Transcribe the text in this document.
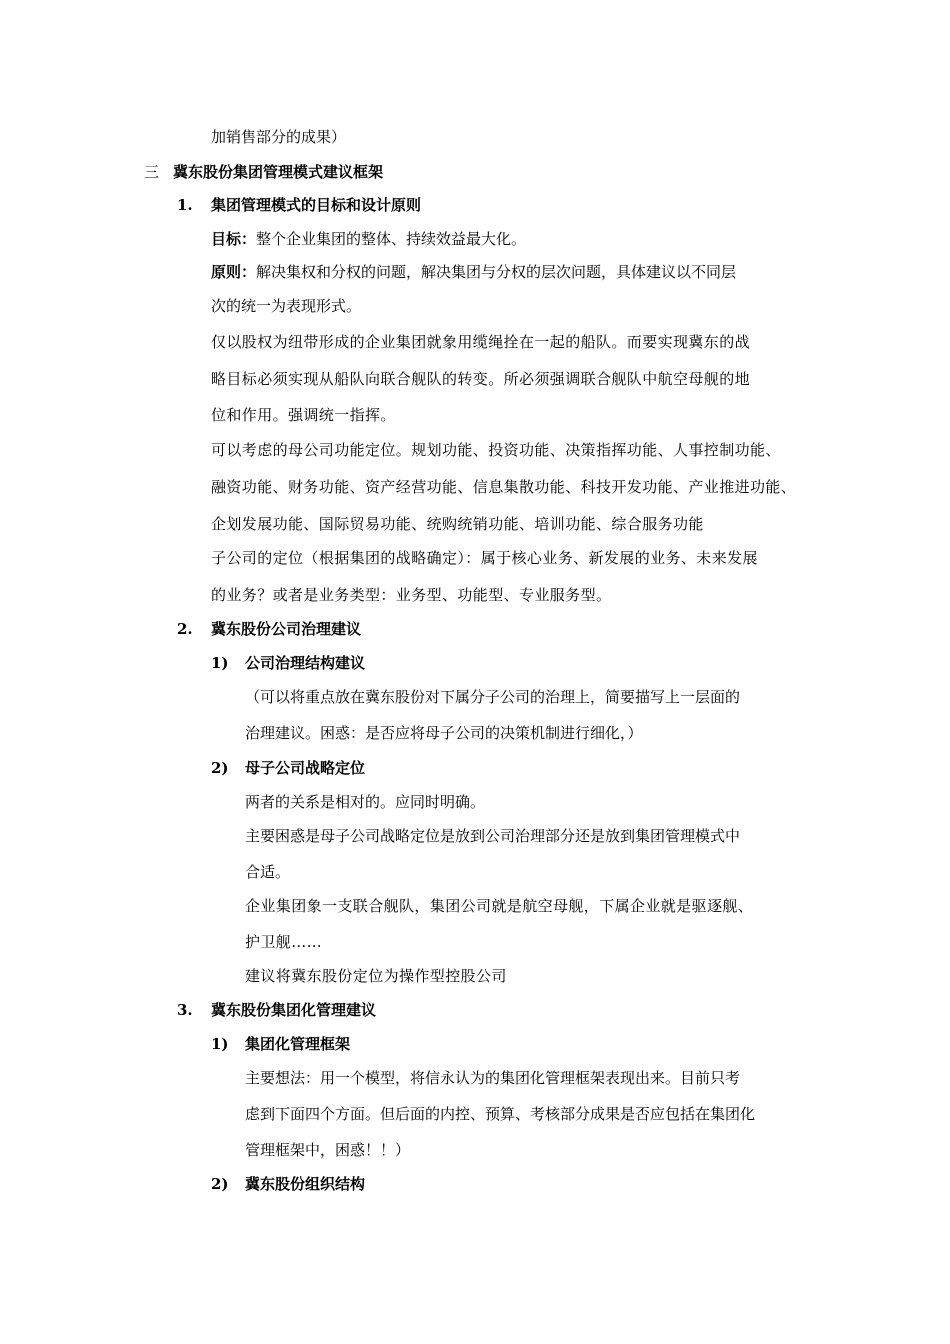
加销售部分的成果）
三 冀东股份集团管理模式建议框架
1. 集团管理模式的目标和设计原则
目标：整个企业集团的整体、持续效益最大化。
原则：解决集权和分权的问题，解决集团与分权的层次问题，具体建议以不同层
次的统一为表现形式。
仅以股权为纽带形成的企业集团就象用缆绳拴在一起的船队。而要实现冀东的战
略目标必须实现从船队向联合舰队的转变。所必须强调联合舰队中航空母舰的地
位和作用。强调统一指挥。
可以考虑的母公司功能定位。规划功能、投资功能、决策指挥功能、人事控制功能、
融资功能、财务功能、资产经营功能、信息集散功能、科技开发功能、产业推进功能、
企划发展功能、国际贸易功能、统购统销功能、培训功能、综合服务功能
子公司的定位（根据集团的战略确定）：属于核心业务、新发展的业务、未来发展
的业务？或者是业务类型：业务型、功能型、专业服务型。
2. 冀东股份公司治理建议
1) 公司治理结构建议
（可以将重点放在冀东股份对下属分子公司的治理上，简要描写上一层面的
治理建议。困惑：是否应将母子公司的决策机制进行细化，）
2) 母子公司战略定位
两者的关系是相对的。应同时明确。
主要困惑是母子公司战略定位是放到公司治理部分还是放到集团管理模式中
合适。
企业集团象一支联合舰队，集团公司就是航空母舰，下属企业就是驱逐舰、
护卫舰……
建议将冀东股份定位为操作型控股公司
3. 冀东股份集团化管理建议
1) 集团化管理框架
主要想法：用一个模型，将信永认为的集团化管理框架表现出来。目前只考
虑到下面四个方面。但后面的内控、预算、考核部分成果是否应包括在集团化
管理框架中，困惑！！）
2) 冀东股份组织结构
